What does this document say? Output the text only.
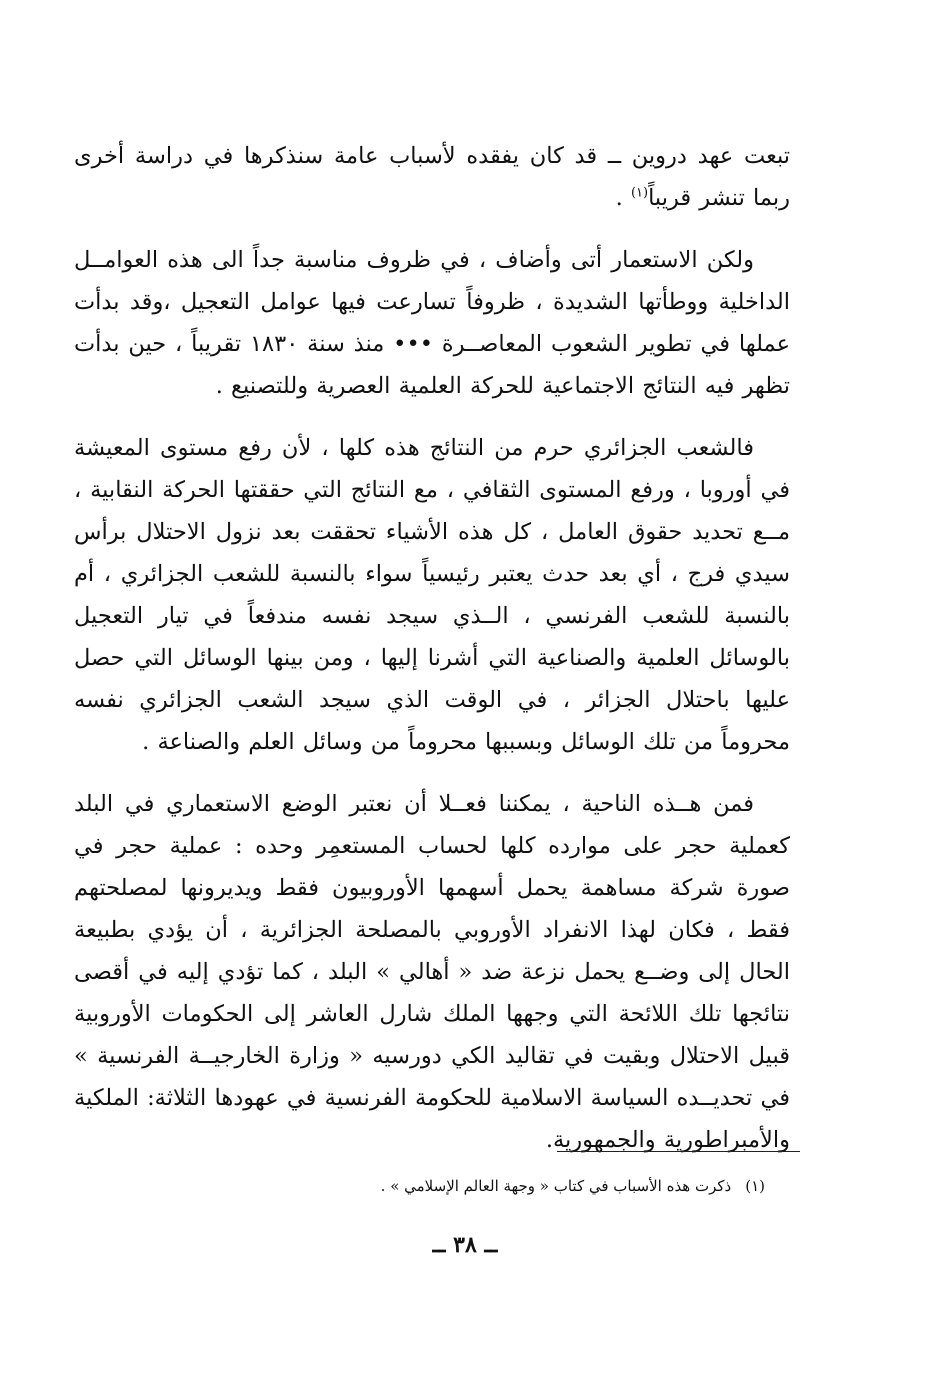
تبعت عهد دروين ــ قد كان يفقده لأسباب عامة سنذكرها في دراسة أخرى ربما تنشر قريباً$^{(١)}$ .

ولكن الاستعمار أتى وأضاف ، في ظروف مناسبة جداً الى هذه العوامــل الداخلية ووطأتها الشديدة ، ظروفاً تسارعت فيها عوامل التعجيل ،وقد بدأت عملها في تطوير الشعوب المعاصــرة ••• منذ سنة ١٨٣٠ تقريباً ، حين بدأت تظهر فيه النتائج الاجتماعية للحركة العلمية العصرية وللتصنيع .

فالشعب الجزائري حرم من النتائج هذه كلها ، لأن رفع مستوى المعيشة في أوروبا ، ورفع المستوى الثقافي ، مع النتائج التي حققتها الحركة النقابية ، مــع تحديد حقوق العامل ، كل هذه الأشياء تحققت بعد نزول الاحتلال برأس سيدي فرج ، أي بعد حدث يعتبر رئيسياً سواء بالنسبة للشعب الجزائري ، أم بالنسبة للشعب الفرنسي ، الــذي سيجد نفسه مندفعاً في تيار التعجيل بالوسائل العلمية والصناعية التي أشرنا إليها ، ومن بينها الوسائل التي حصل عليها باحتلال الجزائر ، في الوقت الذي سيجد الشعب الجزائري نفسه محروماً من تلك الوسائل وبسببها محروماً من وسائل العلم والصناعة .

فمن هــذه الناحية ، يمكننا فعــلا أن نعتبر الوضع الاستعماري في البلد كعملية حجر على موارده كلها لحساب المستعمِر وحده : عملية حجر في صورة شركة مساهمة يحمل أسهمها الأوروبيون فقط ويديرونها لمصلحتهم فقط ، فكان لهذا الانفراد الأوروبي بالمصلحة الجزائرية ، أن يؤدي بطبيعة الحال إلى وضــع يحمل نزعة ضد « أهالي » البلد ، كما تؤدي إليه في أقصى نتائجها تلك اللائحة التي وجهها الملك شارل العاشر إلى الحكومات الأوروبية قبيل الاحتلال وبقيت في تقاليد الكي دورسيه « وزارة الخارجيــة الفرنسية » في تحديــده السياسة الاسلامية للحكومة الفرنسية في عهودها الثلاثة: الملكية والأمبراطورية والجمهورية.

(١)ذكرت هذه الأسباب في كتاب « وجهة العالم الإسلامي » .
ــ ٣٨ ــ
